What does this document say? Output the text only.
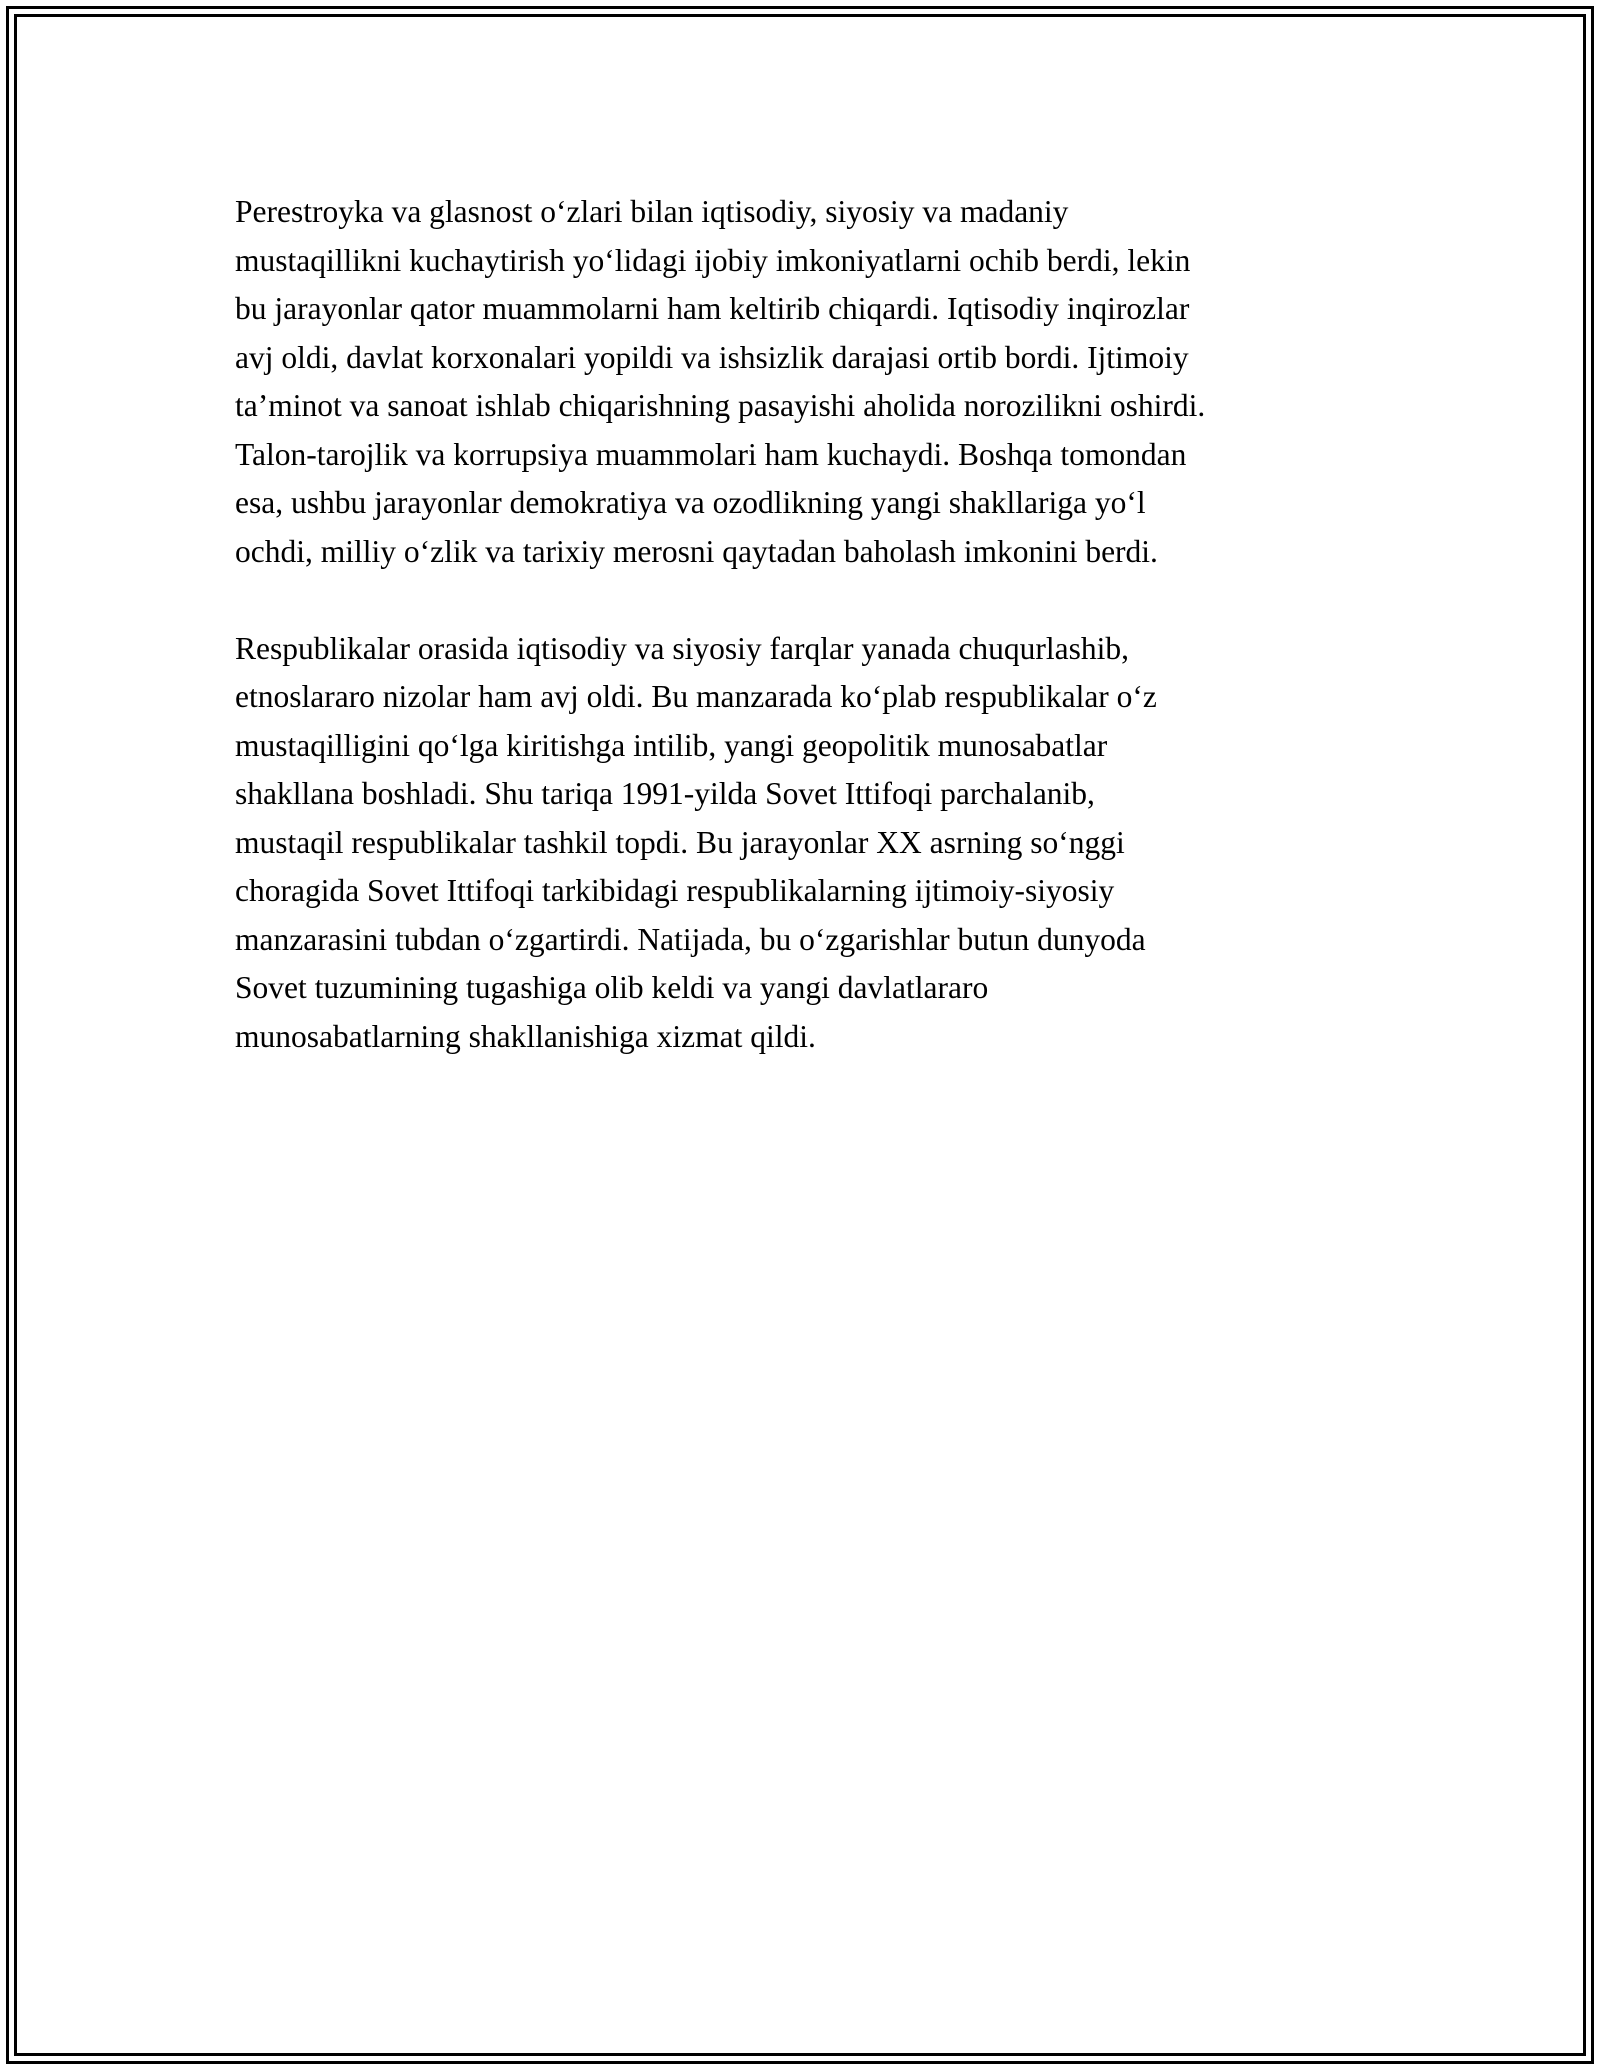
Perestroyka va glasnost o‘zlari bilan iqtisodiy, siyosiy va madaniy
mustaqillikni kuchaytirish yo‘lidagi ijobiy imkoniyatlarni ochib berdi, lekin
bu jarayonlar qator muammolarni ham keltirib chiqardi. Iqtisodiy inqirozlar
avj oldi, davlat korxonalari yopildi va ishsizlik darajasi ortib bordi. Ijtimoiy
ta’minot va sanoat ishlab chiqarishning pasayishi aholida norozilikni oshirdi.
Talon-tarojlik va korrupsiya muammolari ham kuchaydi. Boshqa tomondan
esa, ushbu jarayonlar demokratiya va ozodlikning yangi shakllariga yo‘l
ochdi, milliy o‘zlik va tarixiy merosni qaytadan baholash imkonini berdi.

Respublikalar orasida iqtisodiy va siyosiy farqlar yanada chuqurlashib,
etnoslararo nizolar ham avj oldi. Bu manzarada ko‘plab respublikalar o‘z
mustaqilligini qo‘lga kiritishga intilib, yangi geopolitik munosabatlar
shakllana boshladi. Shu tariqa 1991-yilda Sovet Ittifoqi parchalanib,
mustaqil respublikalar tashkil topdi. Bu jarayonlar XX asrning so‘nggi
choragida Sovet Ittifoqi tarkibidagi respublikalarning ijtimoiy-siyosiy
manzarasini tubdan o‘zgartirdi. Natijada, bu o‘zgarishlar butun dunyoda
Sovet tuzumining tugashiga olib keldi va yangi davlatlararo
munosabatlarning shakllanishiga xizmat qildi.
